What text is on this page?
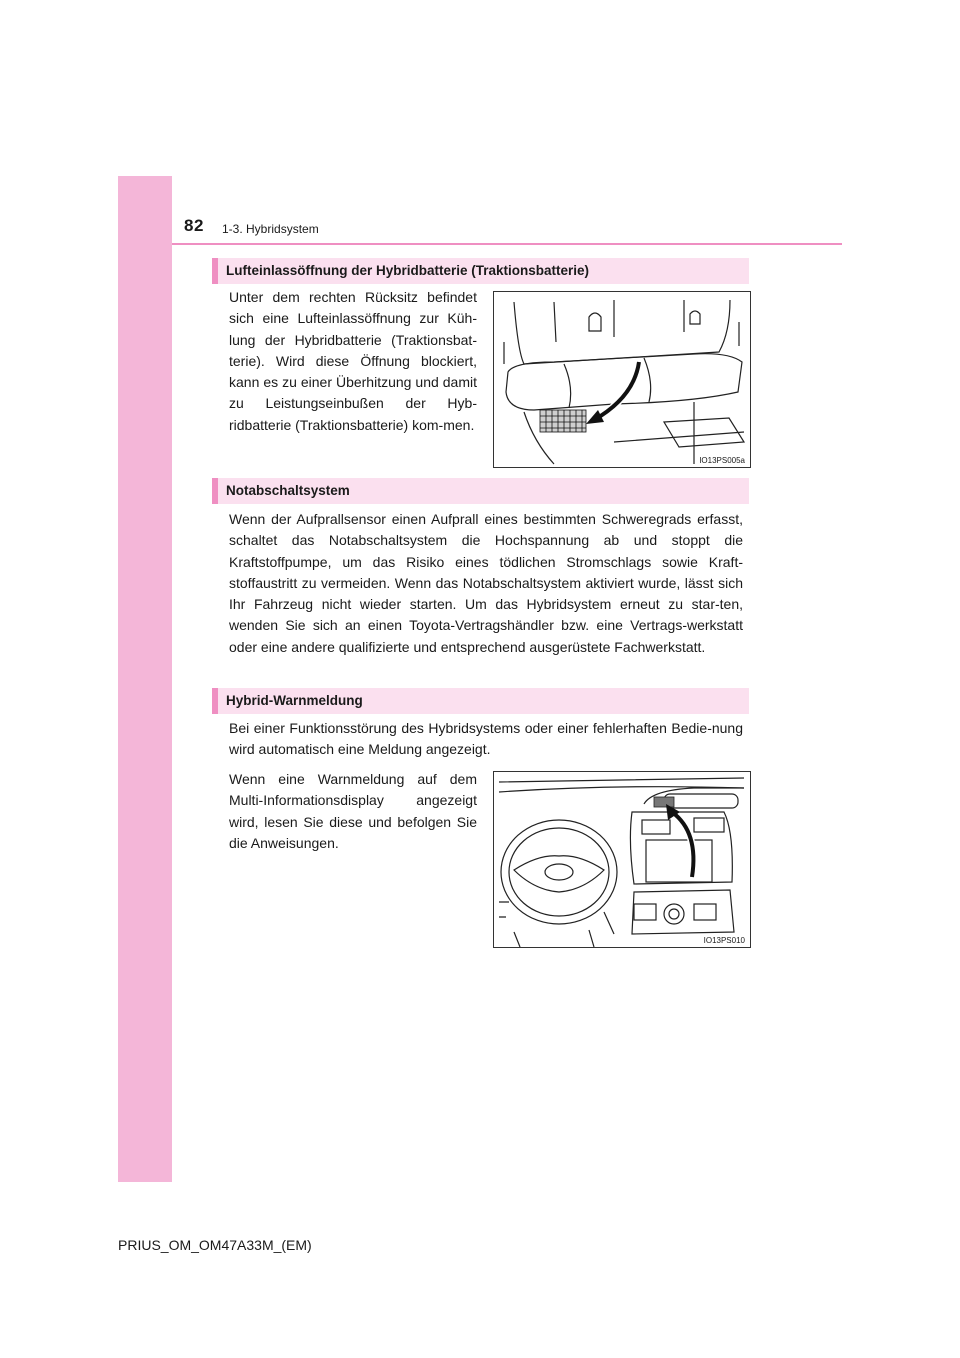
82 1-3. Hybridsystem
Lufteinlassöffnung der Hybridbatterie (Traktionsbatterie)
Unter dem rechten Rücksitz befindet sich eine Lufteinlassöffnung zur Küh-lung der Hybridbatterie (Traktionsbat-terie). Wird diese Öffnung blockiert, kann es zu einer Überhitzung und damit zu Leistungseinbußen der Hyb-ridbatterie (Traktionsbatterie) kom-men.
IO13PS005a
Notabschaltsystem
Wenn der Aufprallsensor einen Aufprall eines bestimmten Schweregrads erfasst, schaltet das Notabschaltsystem die Hochspannung ab und stoppt die Kraftstoffpumpe, um das Risiko eines tödlichen Stromschlags sowie Kraft-stoffaustritt zu vermeiden. Wenn das Notabschaltsystem aktiviert wurde, lässt sich Ihr Fahrzeug nicht wieder starten. Um das Hybridsystem erneut zu star-ten, wenden Sie sich an einen Toyota-Vertragshändler bzw. eine Vertrags-werkstatt oder eine andere qualifizierte und entsprechend ausgerüstete Fachwerkstatt.
Hybrid-Warnmeldung
Bei einer Funktionsstörung des Hybridsystems oder einer fehlerhaften Bedie-nung wird automatisch eine Meldung angezeigt.
Wenn eine Warnmeldung auf dem Multi-Informationsdisplay angezeigt wird, lesen Sie diese und befolgen Sie die Anweisungen.
IO13PS010
PRIUS_OM_OM47A33M_(EM)
